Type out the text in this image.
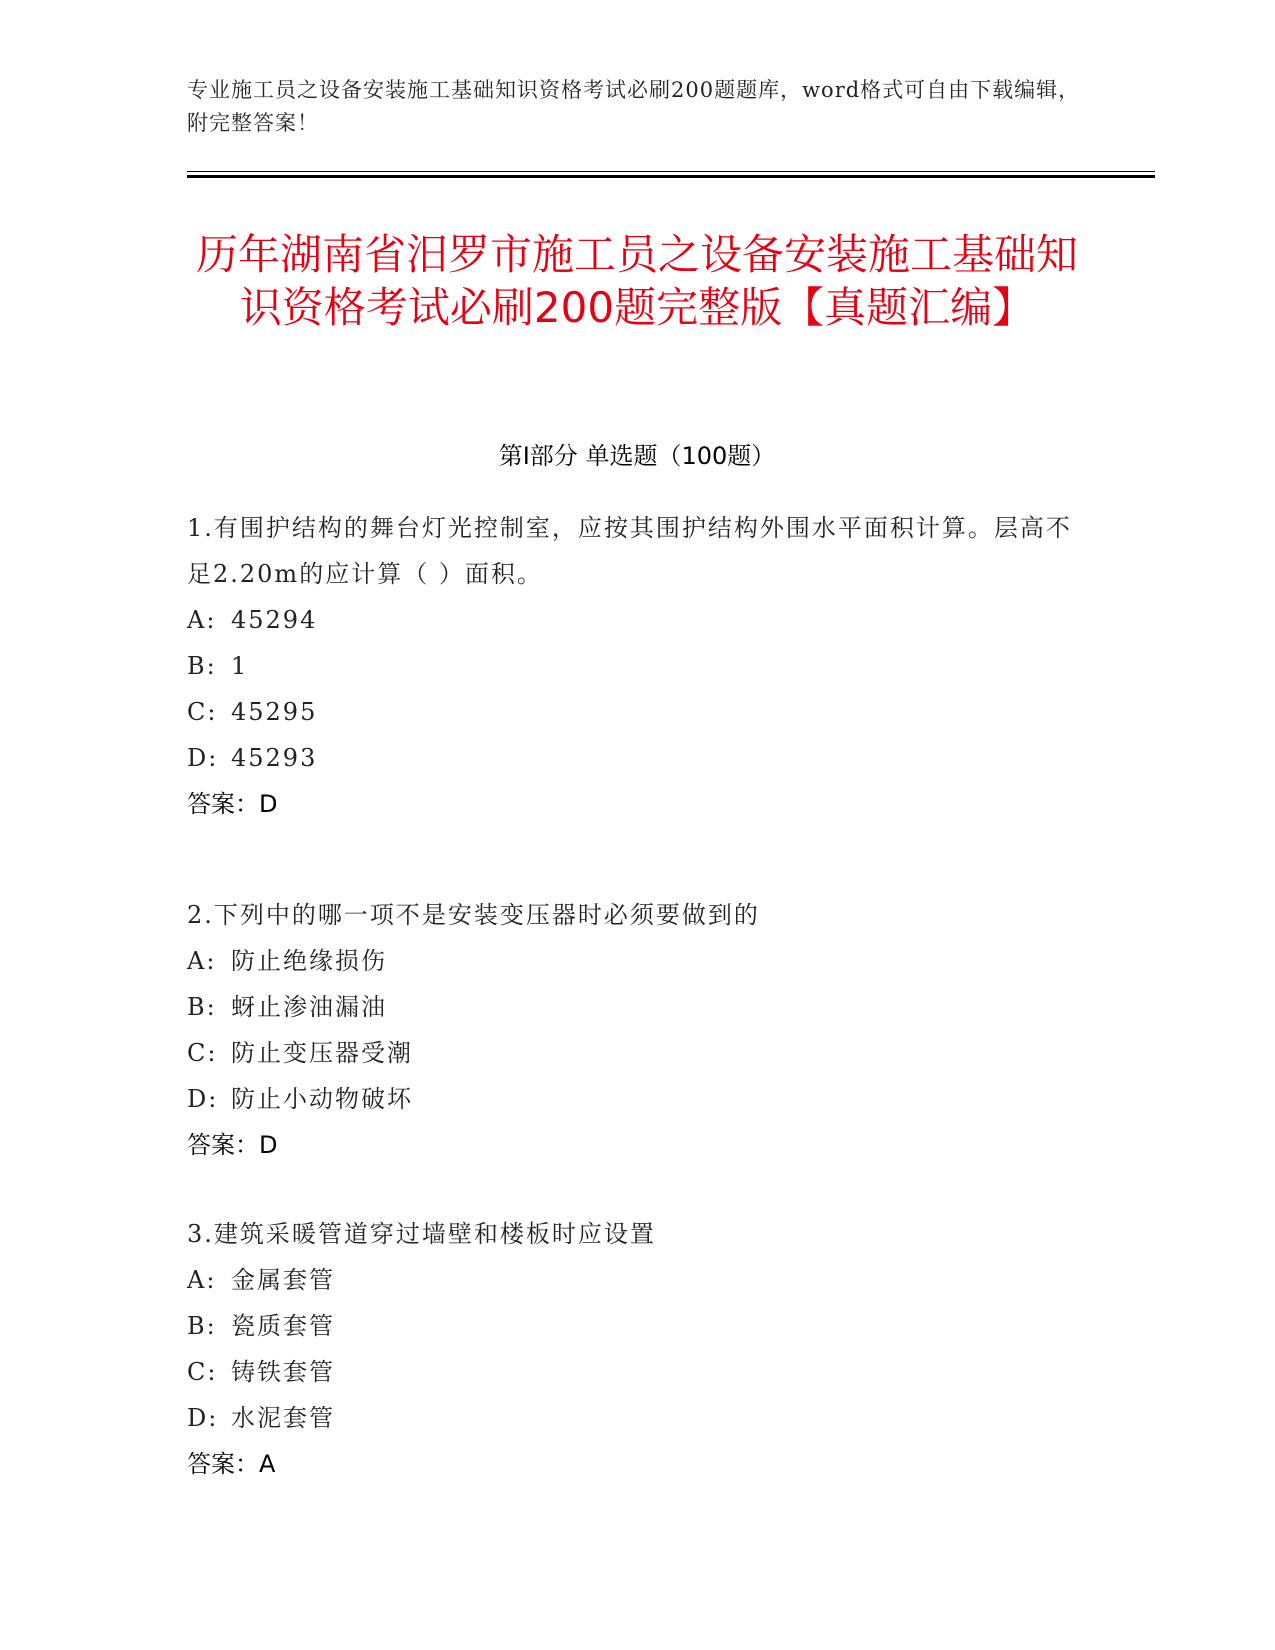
专业施工员之设备安装施工基础知识资格考试必刷200题题库，word格式可自由下载编辑，附完整答案！
历年湖南省汨罗市施工员之设备安装施工基础知识资格考试必刷200题完整版【真题汇编】
第Ⅰ部分 单选题（100题）
1.有围护结构的舞台灯光控制室，应按其围护结构外围水平面积计算。层高不足2.20m的应计算（ ）面积。
A: 45294
B: 1
C: 45295
D: 45293
答案：D
2.下列中的哪一项不是安装变压器时必须要做到的
A: 防止绝缘损伤
B: 蚜止渗油漏油
C: 防止变压器受潮
D: 防止小动物破坏
答案：D
3.建筑采暖管道穿过墙壁和楼板时应设置
A: 金属套管
B: 瓷质套管
C: 铸铁套管
D: 水泥套管
答案：A
